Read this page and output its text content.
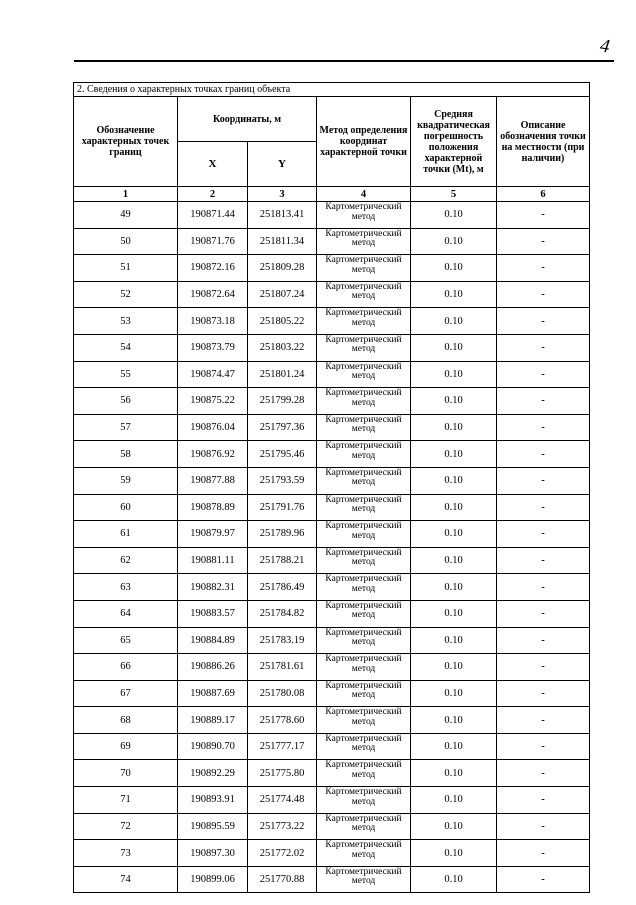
4
2. Сведения о характерных точках границ объекта					
Обозначение характерных точек границ	Координаты, м		Метод определения координат характерной точки	Средняя квадратическая погрешность положения характерной точки (Mt), м	Описание обозначения точки на местности (при наличии)
	X	Y			
1	2	3	4	5	6
49	190871.44	251813.41	Картометрический метод	0.10	-
50	190871.76	251811.34	Картометрический метод	0.10	-
51	190872.16	251809.28	Картометрический метод	0.10	-
52	190872.64	251807.24	Картометрический метод	0.10	-
53	190873.18	251805.22	Картометрический метод	0.10	-
54	190873.79	251803.22	Картометрический метод	0.10	-
55	190874.47	251801.24	Картометрический метод	0.10	-
56	190875.22	251799.28	Картометрический метод	0.10	-
57	190876.04	251797.36	Картометрический метод	0.10	-
58	190876.92	251795.46	Картометрический метод	0.10	-
59	190877.88	251793.59	Картометрический метод	0.10	-
60	190878.89	251791.76	Картометрический метод	0.10	-
61	190879.97	251789.96	Картометрический метод	0.10	-
62	190881.11	251788.21	Картометрический метод	0.10	-
63	190882.31	251786.49	Картометрический метод	0.10	-
64	190883.57	251784.82	Картометрический метод	0.10	-
65	190884.89	251783.19	Картометрический метод	0.10	-
66	190886.26	251781.61	Картометрический метод	0.10	-
67	190887.69	251780.08	Картометрический метод	0.10	-
68	190889.17	251778.60	Картометрический метод	0.10	-
69	190890.70	251777.17	Картометрический метод	0.10	-
70	190892.29	251775.80	Картометрический метод	0.10	-
71	190893.91	251774.48	Картометрический метод	0.10	-
72	190895.59	251773.22	Картометрический метод	0.10	-
73	190897.30	251772.02	Картометрический метод	0.10	-
74	190899.06	251770.88	Картометрический метод	0.10	-
